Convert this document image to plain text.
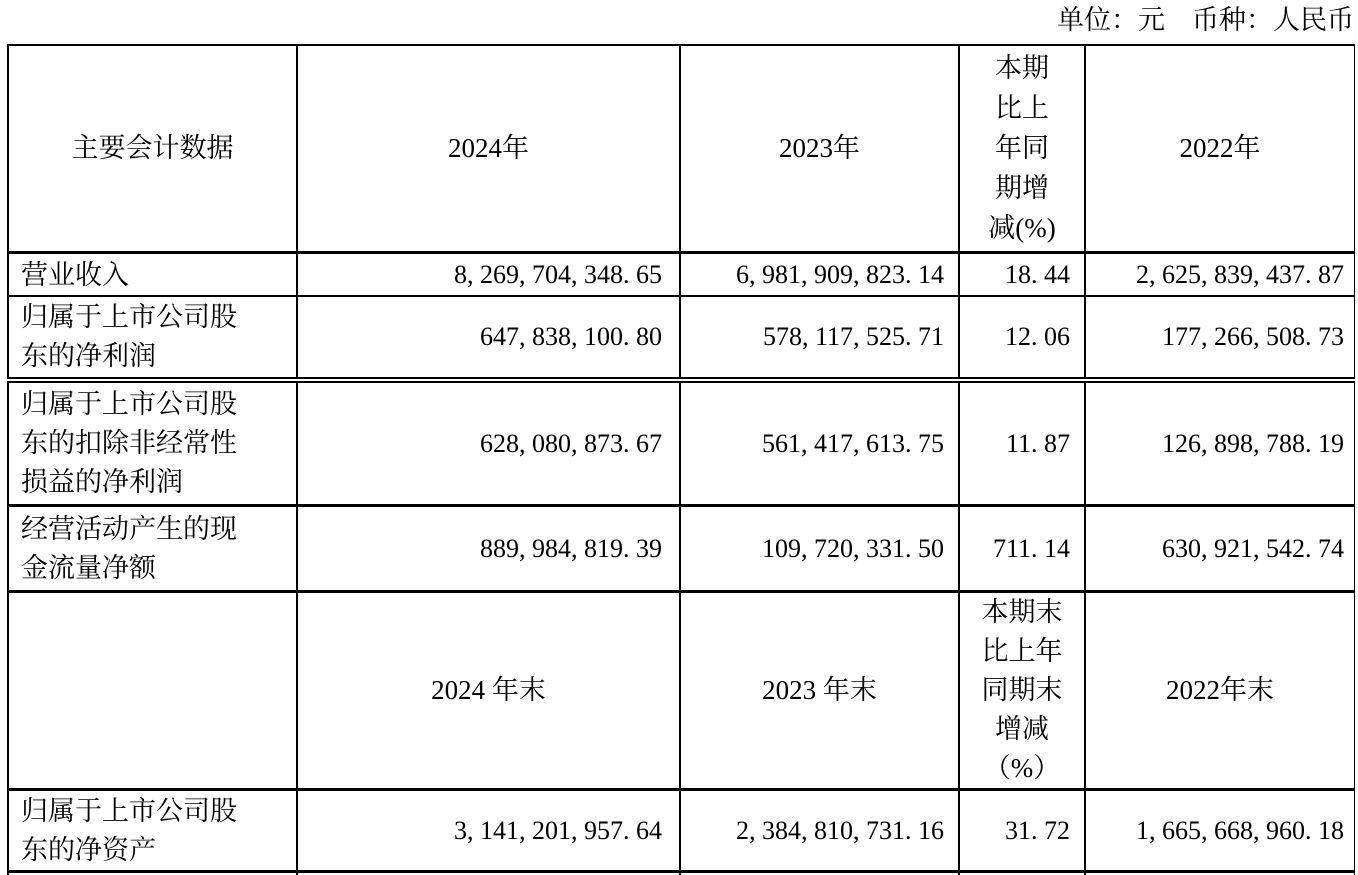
单位：元 币种：人民币
主要会计数据	2024年	2023年	本期
比上
年同
期增
减(%)	2022年
营业收入	8, 269, 704, 348. 65	6, 981, 909, 823. 14	18. 44	2, 625, 839, 437. 87
归属于上市公司股东的净利润	647, 838, 100. 80	578, 117, 525. 71	12. 06	177, 266, 508. 73
归属于上市公司股东的扣除非经常性损益的净利润	628, 080, 873. 67	561, 417, 613. 75	11. 87	126, 898, 788. 19
经营活动产生的现金流量净额	889, 984, 819. 39	109, 720, 331. 50	711. 14	630, 921, 542. 74
	2024 年末	2023 年末	本期末
比上年
同期末
增减
（%）	2022年末
归属于上市公司股东的净资产	3, 141, 201, 957. 64	2, 384, 810, 731. 16	31. 72	1, 665, 668, 960. 18
